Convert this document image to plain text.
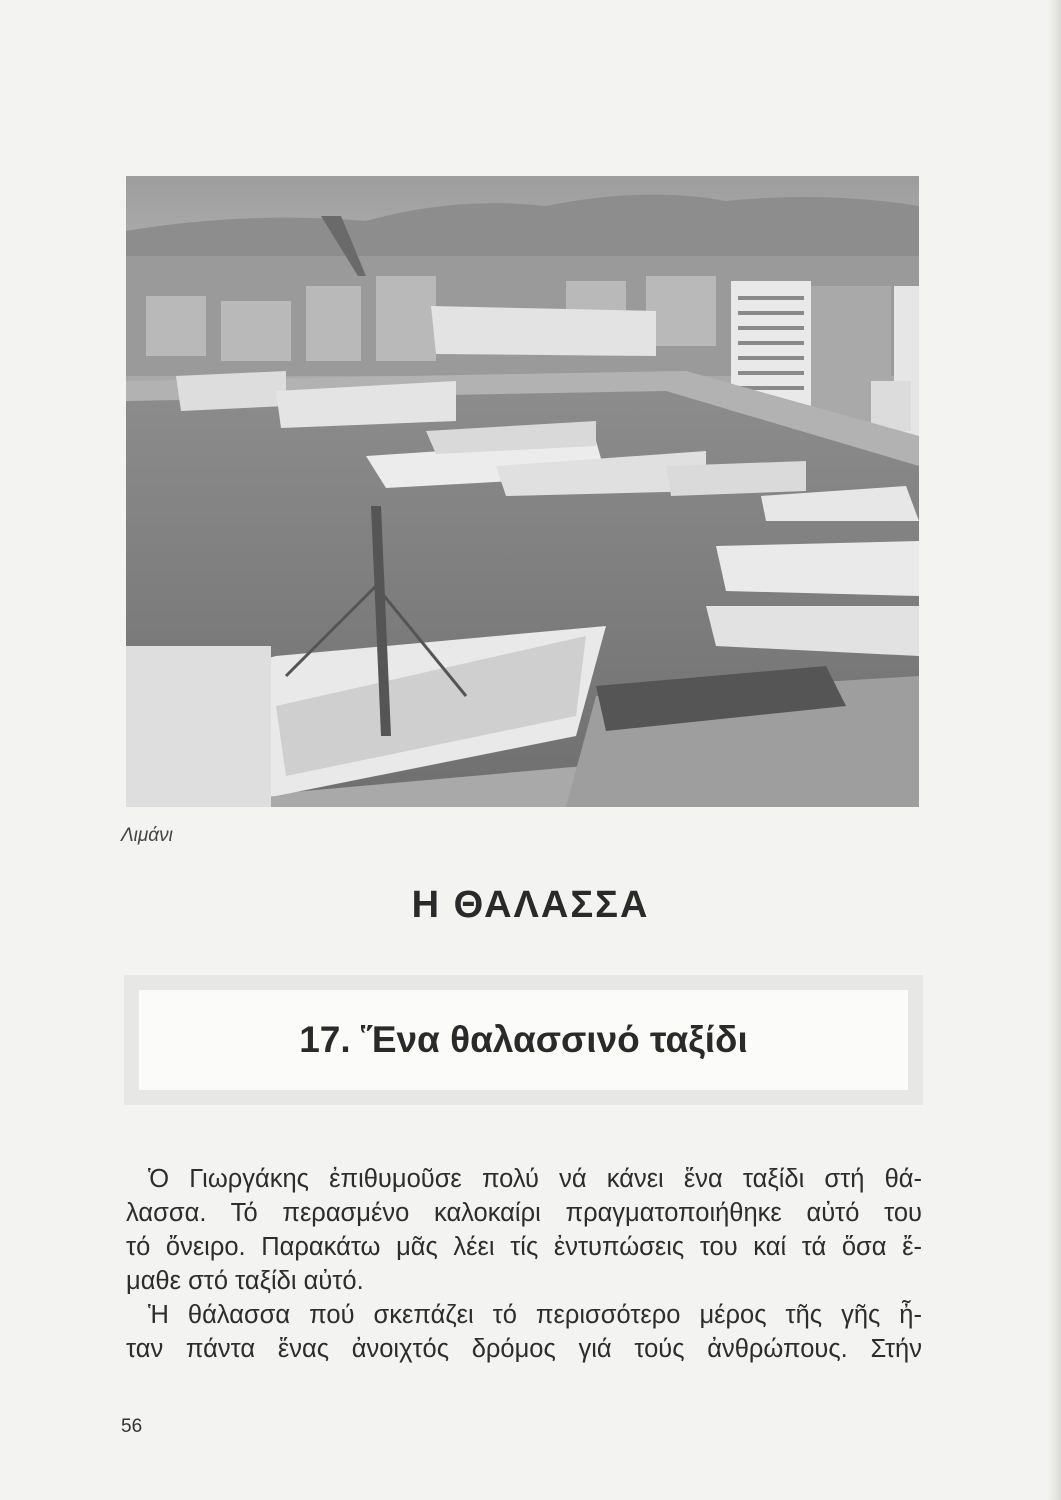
Λιμάνι
Η ΘΑΛΑΣΣΑ
17. Ἕνα θαλασσινό ταξίδι

Ὁ Γιωργάκης ἐπιθυμοῦσε πολύ νά κάνει ἕνα ταξίδι στή θά-

λασσα. Τό περασμένο καλοκαίρι πραγματοποιήθηκε αὐτό του

τό ὄνειρο. Παρακάτω μᾶς λέει τίς ἐντυπώσεις του καί τά ὅσα ἔ-

μαθε στό ταξίδι αὐτό.

Ἡ θάλασσα πού σκεπάζει τό περισσότερο μέρος τῆς γῆς ἦ-

ταν πάντα ἕνας ἀνοιχτός δρόμος γιά τούς ἀνθρώπους. Στήν

56
